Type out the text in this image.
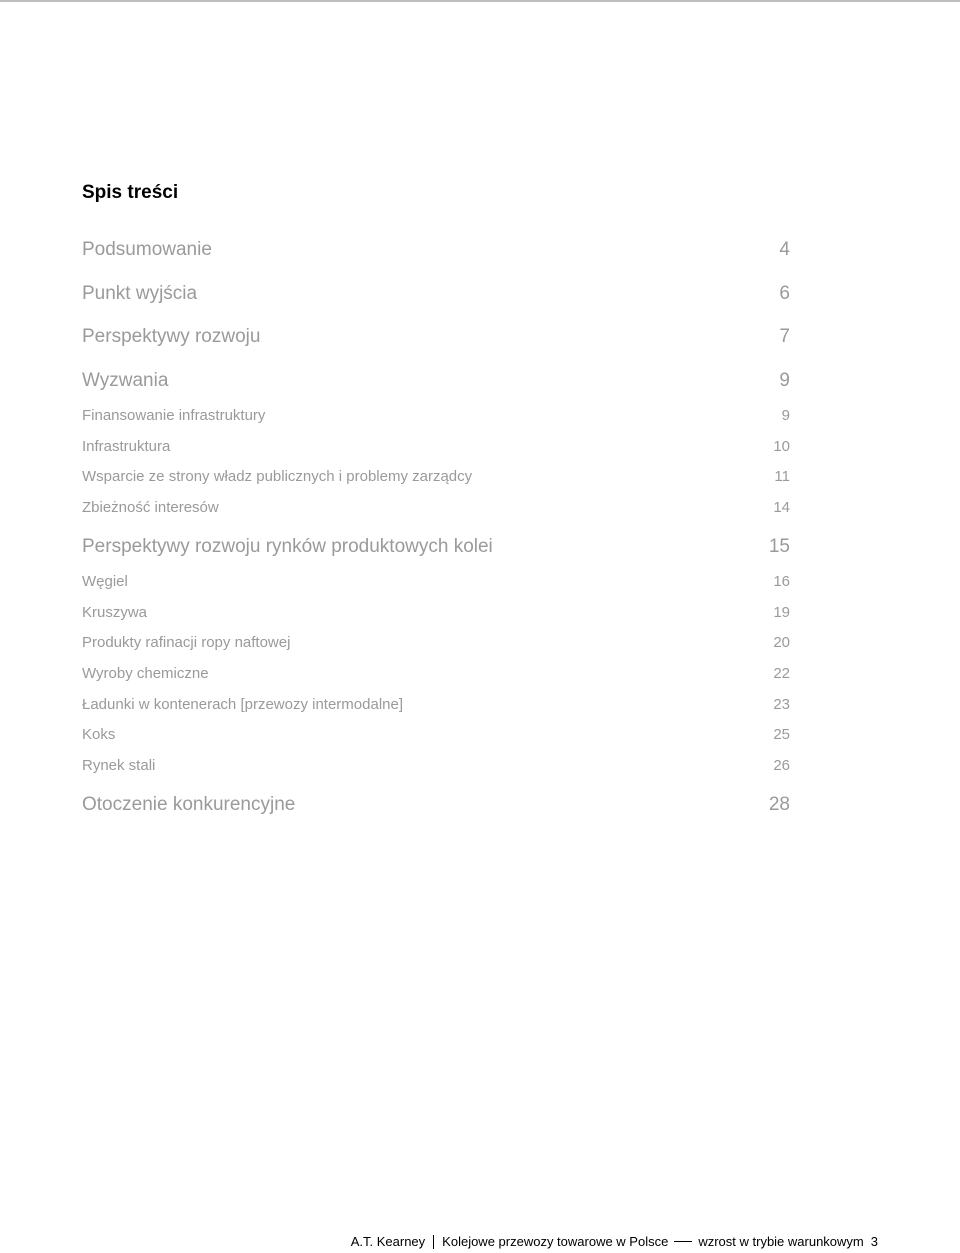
Spis treści
Podsumowanie	4
Punkt wyjścia	6
Perspektywy rozwoju	7
Wyzwania	9
Finansowanie infrastruktury	9
Infrastruktura	10
Wsparcie ze strony władz publicznych i problemy zarządcy	11
Zbieżność interesów	14
Perspektywy rozwoju rynków produktowych kolei	15
Węgiel	16
Kruszywa	19
Produkty rafinacji ropy naftowej	20
Wyroby chemiczne	22
Ładunki w kontenerach [przewozy intermodalne]	23
Koks	25
Rynek stali	26
Otoczenie konkurencyjne	28
A.T. Kearney Kolejowe przewozy towarowe w Polsce wzrost w trybie warunkowym 3
